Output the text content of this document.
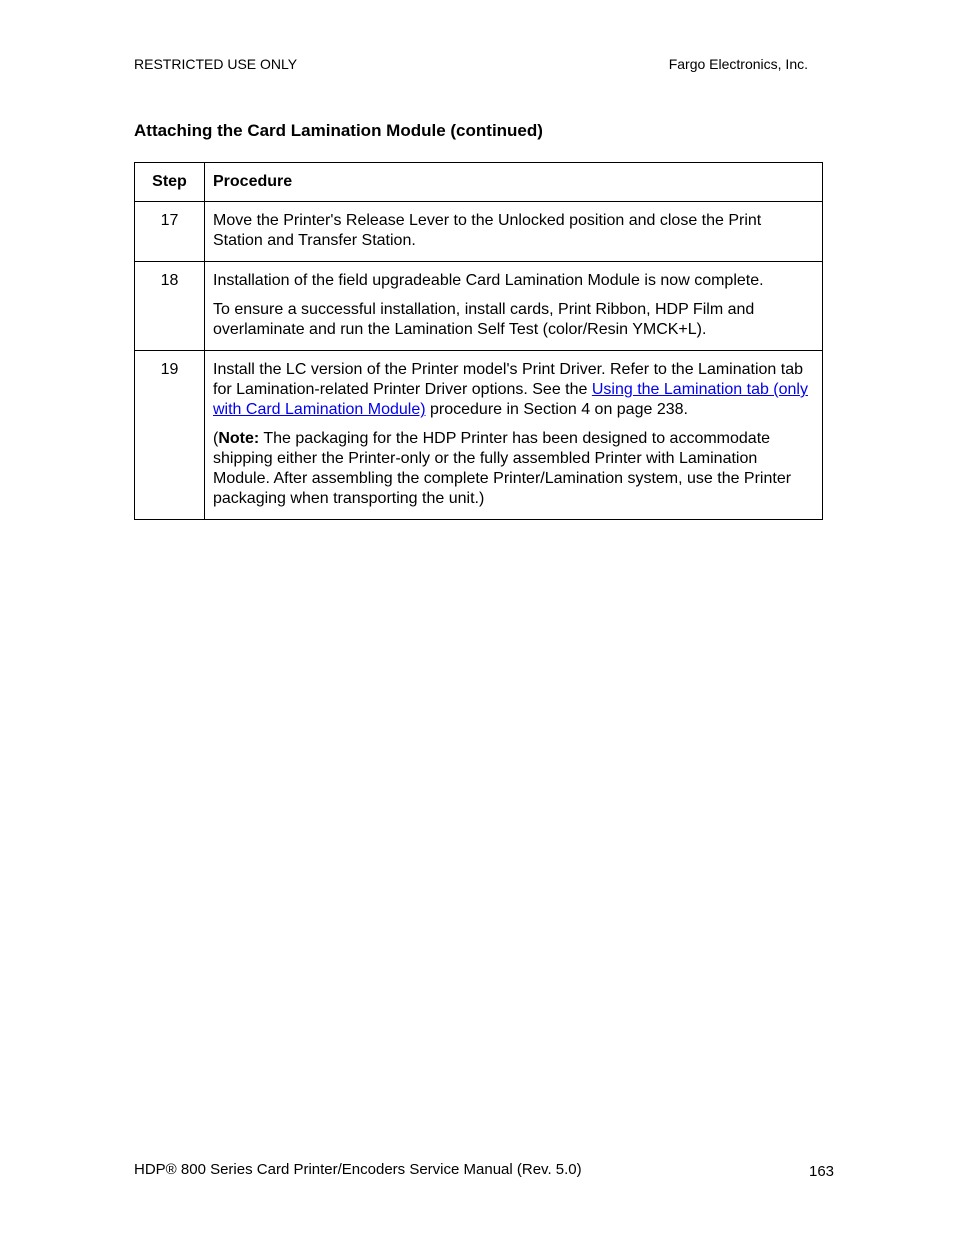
RESTRICTED USE ONLY	Fargo Electronics, Inc.
Attaching the Card Lamination Module (continued)
Step	Procedure
17	Move the Printer's Release Lever to the Unlocked position and close the Print Station and Transfer Station.

18	Installation of the field upgradeable Card Lamination Module is now complete.

To ensure a successful installation, install cards, Print Ribbon, HDP Film and overlaminate and run the Lamination Self Test (color/Resin YMCK+L).

19	Install the LC version of the Printer model's Print Driver. Refer to the Lamination tab for Lamination-related Printer Driver options. See the Using the Lamination tab (only with Card Lamination Module) procedure in Section 4 on page 238.

(Note: The packaging for the HDP Printer has been designed to accommodate shipping either the Printer-only or the fully assembled Printer with Lamination Module. After assembling the complete Printer/Lamination system, use the Printer packaging when transporting the unit.)

HDP® 800 Series Card Printer/Encoders Service Manual (Rev. 5.0)	163
